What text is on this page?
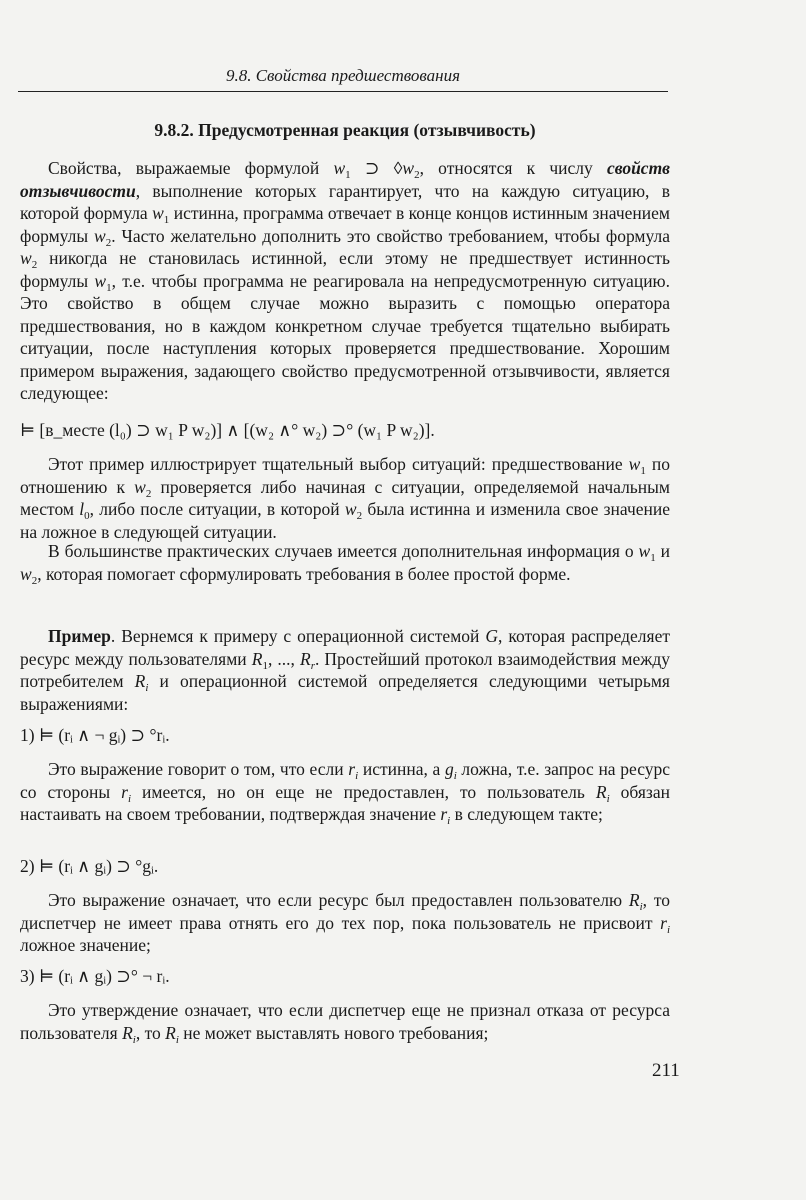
9.8. Свойства предшествования
9.8.2. Предусмотренная реакция (отзывчивость)

Свойства, выражаемые формулой $w_1$ ⊃ $◊w_2$, относятся к числу свойств отзывчивости, выполнение которых гарантирует, что на каждую ситуацию, в которой формула $w_1$ истинна, программа отвечает в конце концов истинным значением формулы $w_2$. Часто желательно дополнить это свойство требованием, чтобы формула $w_2$ никогда не становилась истинной, если этому не предшествует истинность формулы $w_1$, т.е. чтобы программа не реагировала на непредусмотренную ситуацию. Это свойство в общем случае можно выразить с помощью оператора предшествования, но в каждом конкретном случае требуется тщательно выбирать ситуации, после наступления которых проверяется предшествование. Хорошим примером выражения, задающего свойство предусмотренной отзывчивости, является следующее:

⊨ [в_месте (l₀) ⊃ w₁ P w₂)] ∧ [(w₂ ∧° w₂) ⊃° (w₁ P w₂)].

Этот пример иллюстрирует тщательный выбор ситуаций: предшествование $w_1$ по отношению к $w_2$ проверяется либо начиная с ситуации, определяемой начальным местом $l_0$, либо после ситуации, в которой $w_2$ была истинна и изменила свое значение на ложное в следующей ситуации.

В большинстве практических случаев имеется дополнительная информация о $w_1$ и $w_2$, которая помогает сформулировать требования в более простой форме.

Пример. Вернемся к примеру с операционной системой G, которая распределяет ресурс между пользователями $R_1$, ..., $R_r$. Простейший протокол взаимодействия между потребителем $R_i$ и операционной системой определяется следующими четырьмя выражениями:

1) ⊨ (rᵢ ∧ ¬ gᵢ) ⊃ °rᵢ.

Это выражение говорит о том, что если $r_i$ истинна, а $g_i$ ложна, т.е. запрос на ресурс со стороны $r_i$ имеется, но он еще не предоставлен, то пользователь $R_i$ обязан настаивать на своем требовании, подтверждая значение $r_i$ в следующем такте;

2) ⊨ (rᵢ ∧ gᵢ) ⊃ °gᵢ.

Это выражение означает, что если ресурс был предоставлен пользователю $R_i$, то диспетчер не имеет права отнять его до тех пор, пока пользователь не присвоит $r_i$ ложное значение;

3) ⊨ (rᵢ ∧ gᵢ) ⊃° ¬ rᵢ.

Это утверждение означает, что если диспетчер еще не признал отказа от ресурса пользователя $R_i$, то $R_i$ не может выставлять нового требования;

211
